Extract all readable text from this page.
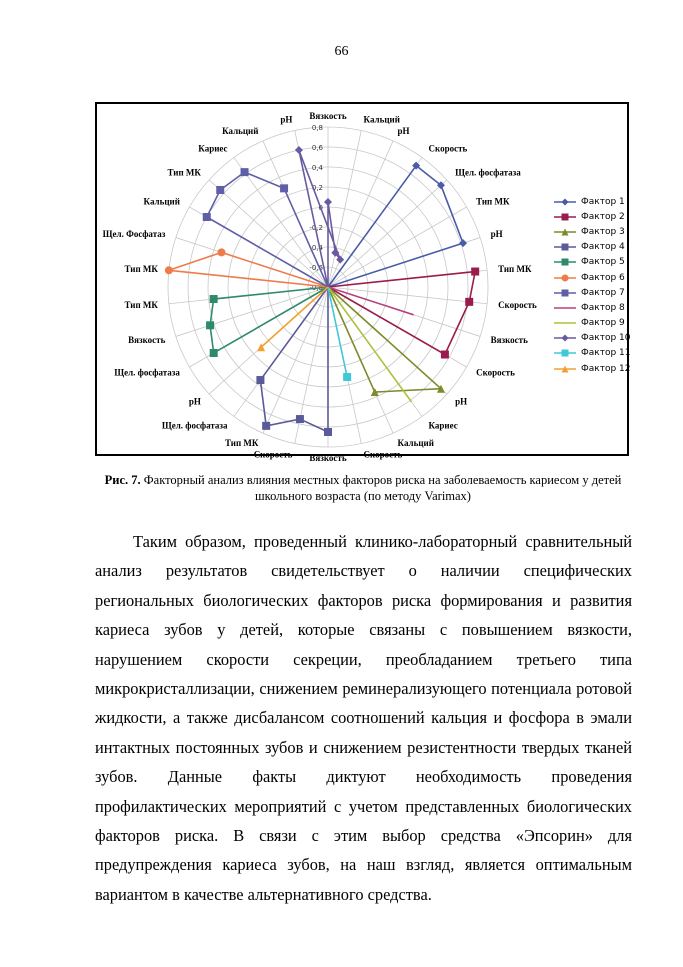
66
0,8
0,6
0,4
0,2
0
-0,2
-0,4
-0,6
-0,8
Вязкость Кальций
pH
Скорость
Щел. фосфатаза
Тип МК
pH
Тип МК
Скорость
Вязкость
Скорость
pH
Кариес
Кальций
Скорость
Вязкость
Скорость
Тип МК
Щел. фосфатаза
pH
Щел. фосфатаза
Вязкость
Тип МК
Тип МК
Щел. Фосфатаз
Кальций
Тип МК
Кариес
Кальций
pH
Фактор 1
Фактор 2
Фактор 3
Фактор 4
Фактор 5
Фактор 6
Фактор 7
Фактор 8
Фактор 9
Фактор 10
Фактор 11
Фактор 12
Рис. 7. Факторный анализ влияния местных факторов риска на заболеваемость кариесом у детей школьного возраста (по методу Varimax)

Таким образом, проведенный клинико-лабораторный сравнительный анализ результатов свидетельствует о наличии специфических региональных биологических факторов риска формирования и развития кариеса зубов у детей, которые связаны с повышением вязкости, нарушением скорости секреции, преобладанием третьего типа микрокристаллизации, снижением реминерализующего потенциала ротовой жидкости, а также дисбалансом соотношений кальция и фосфора в эмали интактных постоянных зубов и снижением резистентности твердых тканей зубов. Данные факты диктуют необходимость проведения профилактических мероприятий с учетом представленных биологических факторов риска. В связи с этим выбор средства «Эпсорин» для предупреждения кариеса зубов, на наш взгляд, является оптимальным вариантом в качестве альтернативного средства.
